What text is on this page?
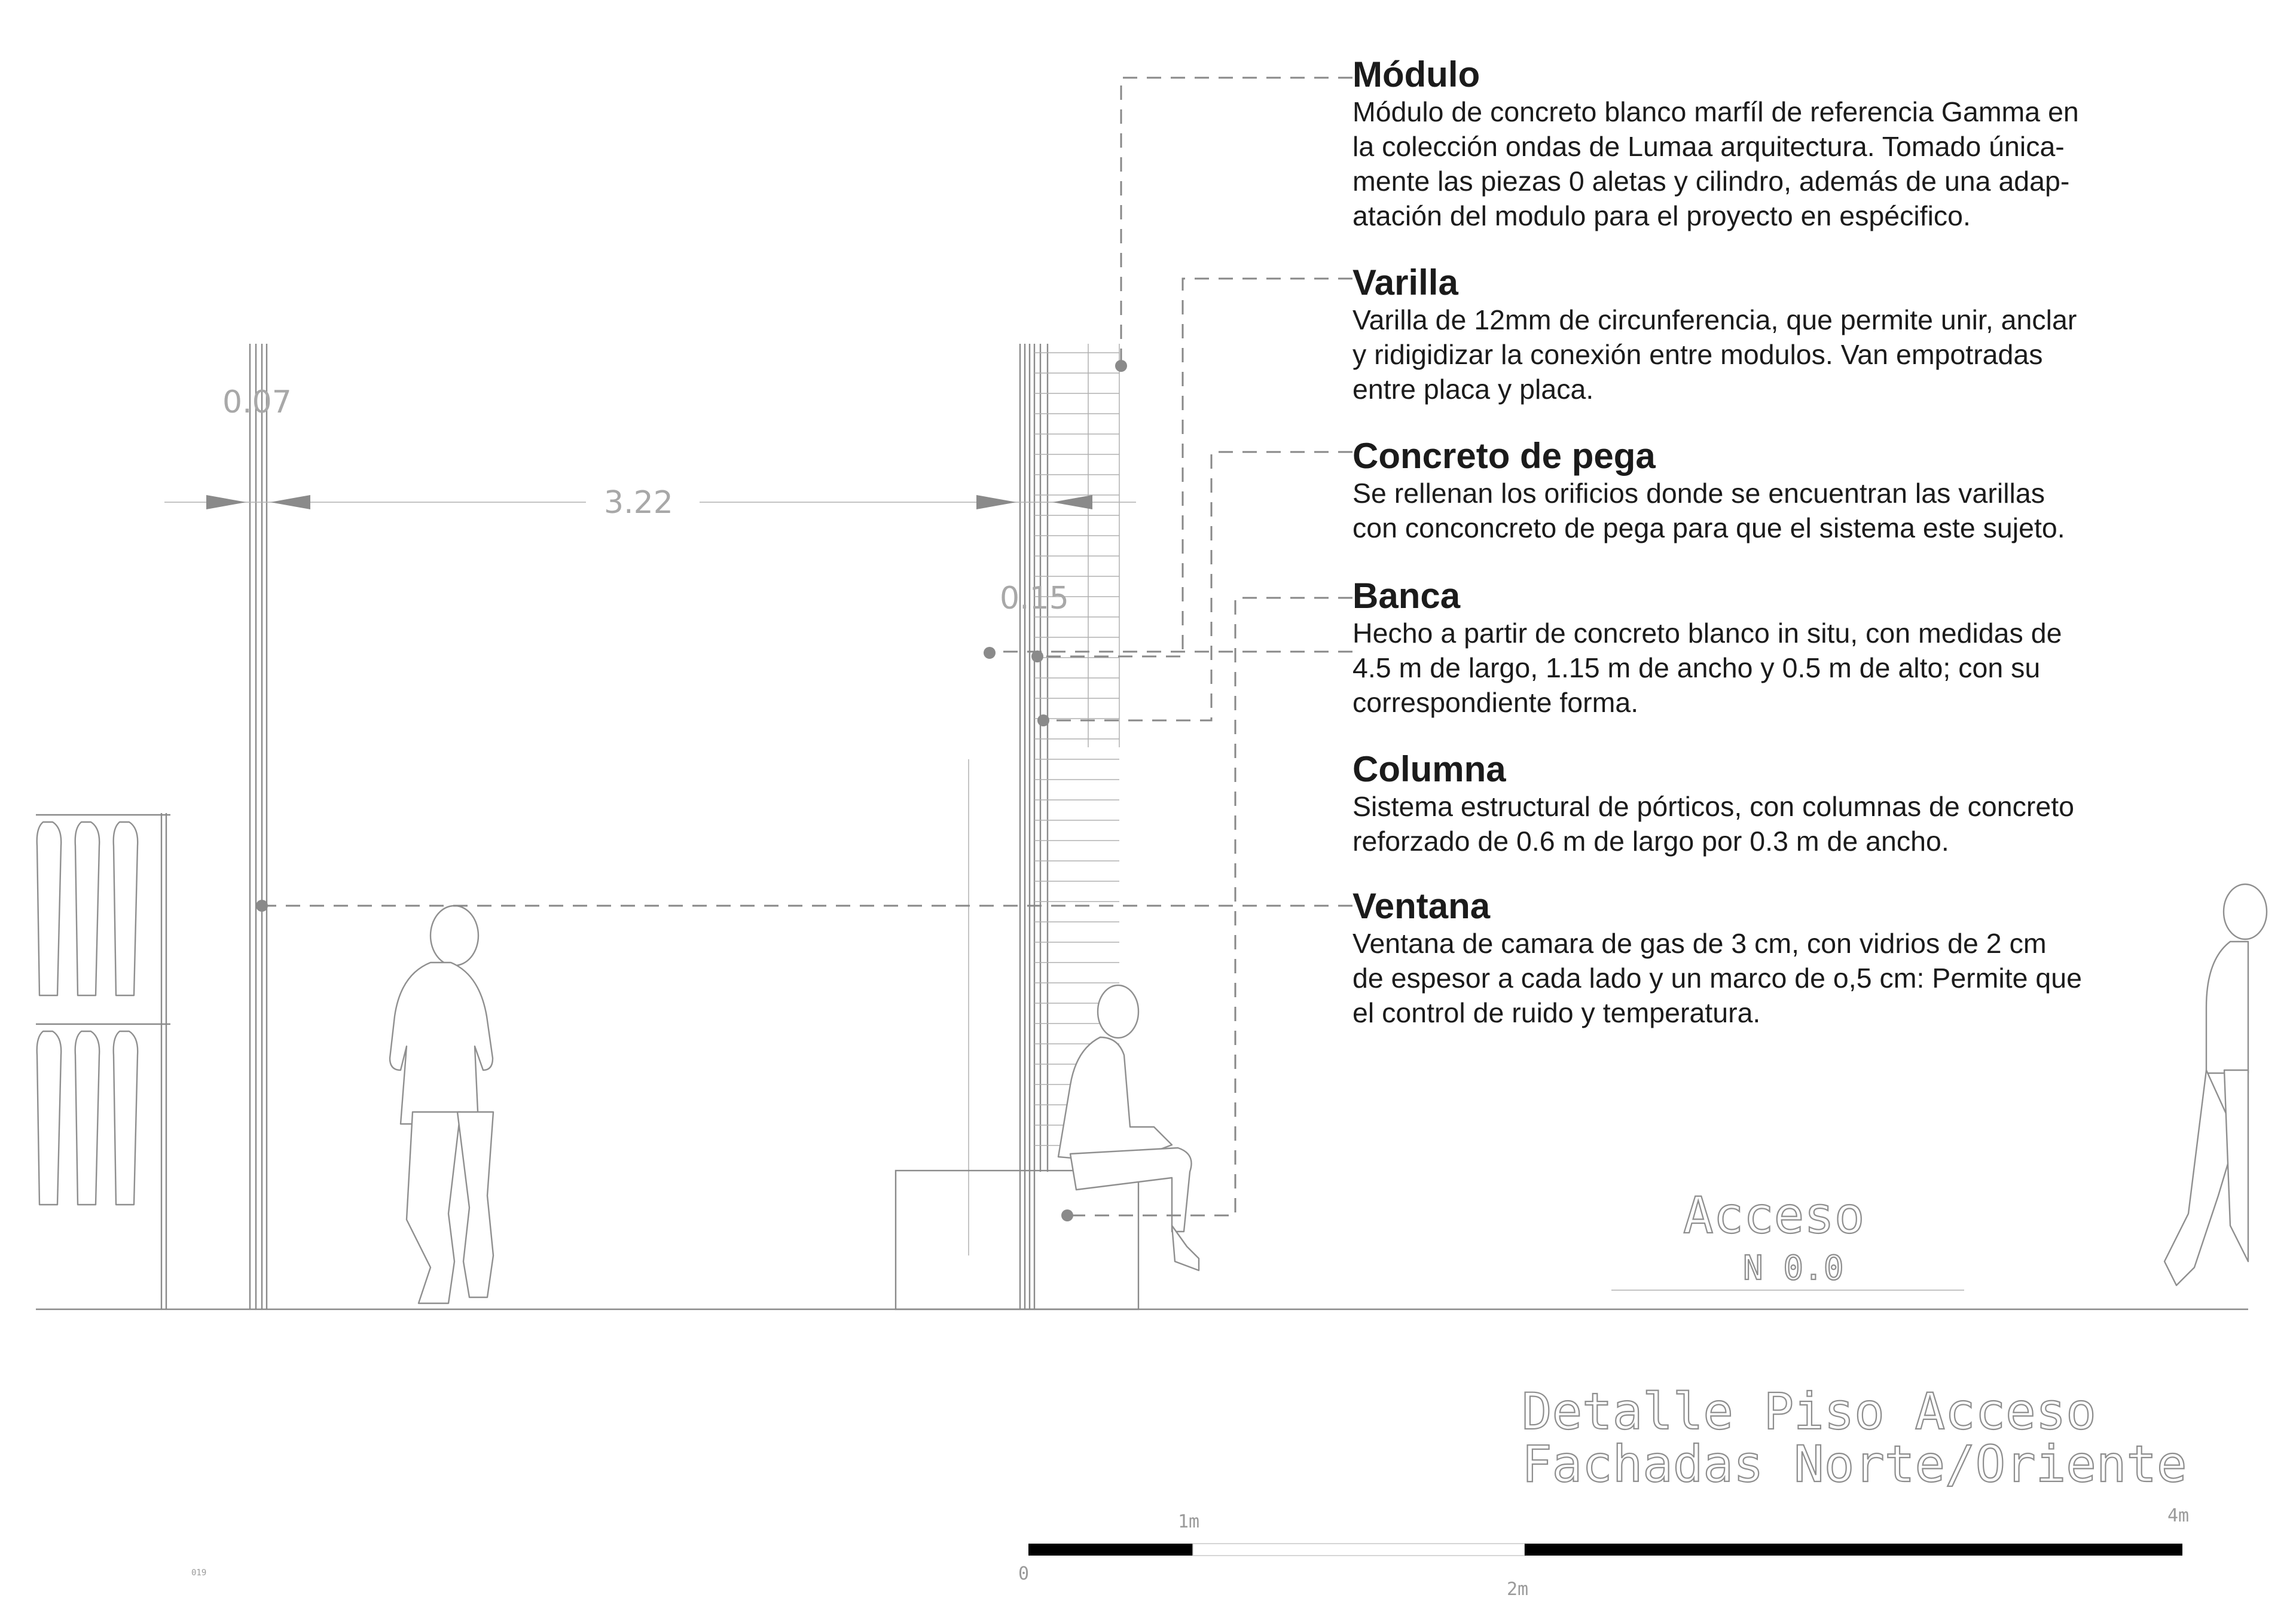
0.07
3.22
0.15
Acceso
N 0.0
Detalle Piso Acceso
Fachadas Norte/Oriente
0
1m
2m
4m
019

Módulo

Módulo de concreto blanco marfíl de referencia Gamma en
la colección ondas de Lumaa arquitectura. Tomado única-
mente las piezas 0 aletas y cilindro, además de una adap-
atación del modulo para el proyecto en espécifico.

Varilla

Varilla de 12mm de circunferencia, que permite unir, anclar
y ridigidizar la conexión entre modulos. Van empotradas
entre placa y placa.

Concreto de pega

Se rellenan los orificios donde se encuentran las varillas
con conconcreto de pega para que el sistema este sujeto.

Banca

Hecho a partir de concreto blanco in situ, con medidas de
4.5 m de largo, 1.15 m de ancho y 0.5 m de alto; con su
correspondiente forma.

Columna

Sistema estructural de pórticos, con columnas de concreto
reforzado de 0.6 m de largo por 0.3 m de ancho.

Ventana

Ventana de camara de gas de 3 cm, con vidrios de 2 cm
de espesor a cada lado y un marco de o,5 cm: Permite que
el control de ruido y temperatura.
